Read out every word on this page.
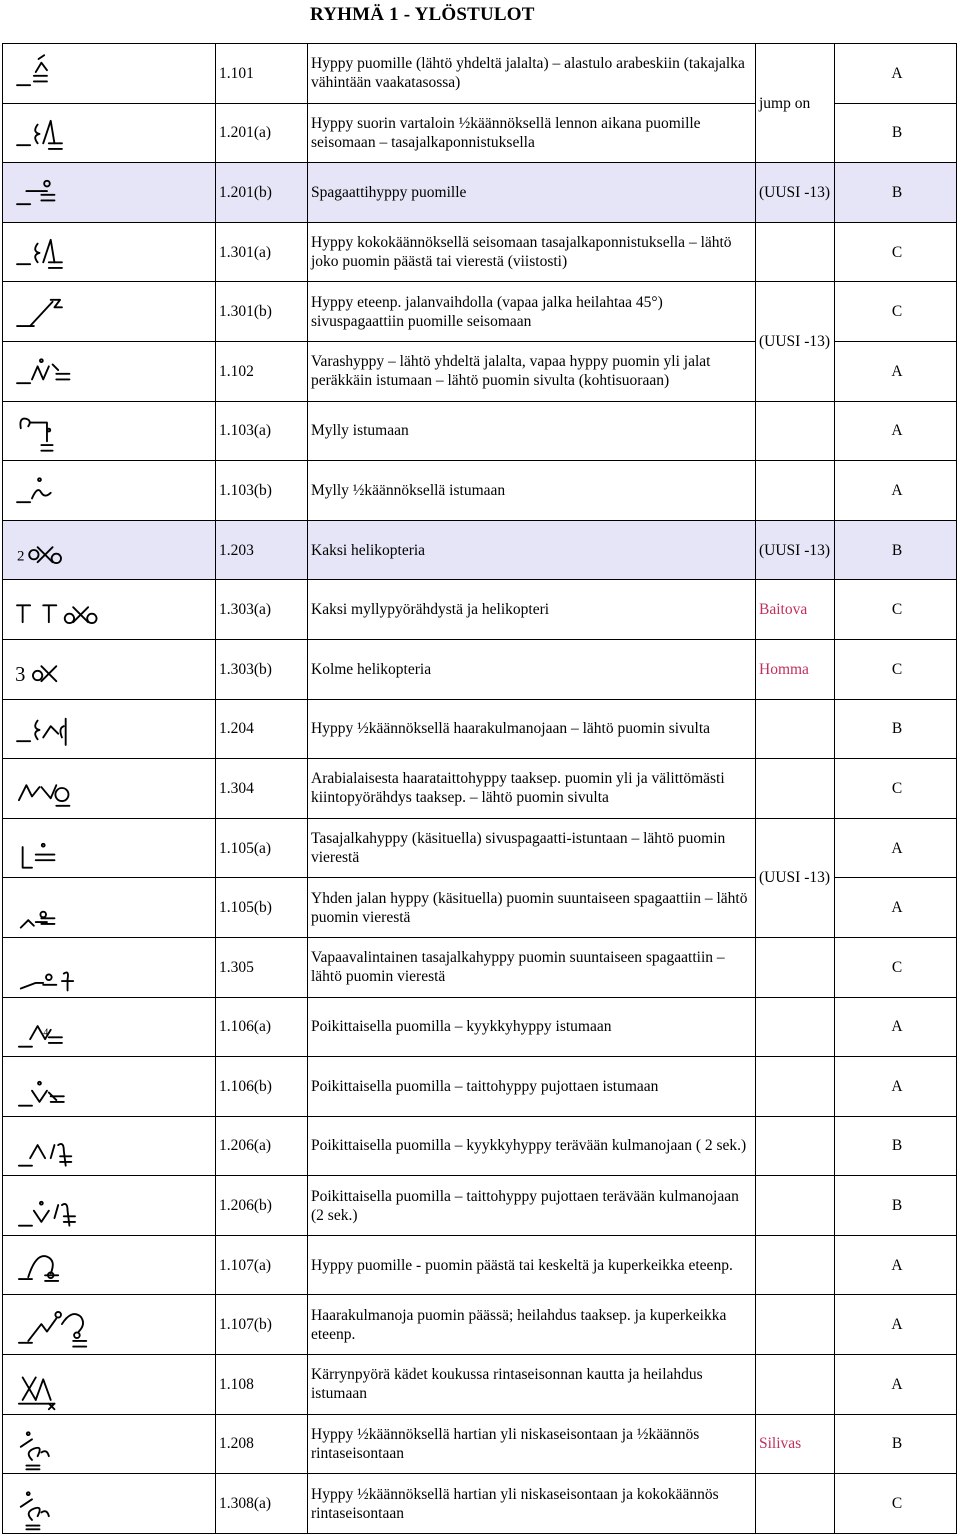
RYHMÄ 1 - YLÖSTULOT
	1.101	Hyppy puomille (lähtö yhdeltä jalalta) – alastulo arabeskiin (takajalka vähintään vaakatasossa)	jump on	A

	1.201(a)	Hyppy suorin vartaloin ½käännöksellä lennon aikana puomille seisomaan – tasajalkaponnistuksella		B

	1.201(b)	Spagaattihyppy puomille	(UUSI -13)	B

	1.301(a)	Hyppy kokokäännöksellä seisomaan tasajalkaponnistuksella – lähtö joko puomin päästä tai vierestä (viistosti)		C

	1.301(b)	Hyppy eteenp. jalanvaihdolla (vapaa jalka heilahtaa 45°) sivuspagaattiin puomille seisomaan	(UUSI -13)	C

	1.102	Varashyppy – lähtö yhdeltä jalalta, vapaa hyppy puomin yli jalat peräkkäin istumaan – lähtö puomin sivulta (kohtisuoraan)		A

	1.103(a)	Mylly istumaan		A

	1.103(b)	Mylly ½käännöksellä istumaan		A

2	1.203	Kaksi helikopteria	(UUSI -13)	B

	1.303(a)	Kaksi myllypyörähdystä ja helikopteri	Baitova	C

3	1.303(b)	Kolme helikopteria	Homma	C

	1.204	Hyppy ½käännöksellä haarakulmanojaan – lähtö puomin sivulta		B

	1.304	Arabialaisesta haarataittohyppy taaksep. puomin yli ja välittömästi kiintopyörähdys taaksep. – lähtö puomin sivulta		C

	1.105(a)	Tasajalkahyppy (käsituella) sivuspagaatti-istuntaan – lähtö puomin vierestä	(UUSI -13)	A

	1.105(b)	Yhden jalan hyppy (käsituella) puomin suuntaiseen spagaattiin – lähtö puomin vierestä		A

	1.305	Vapaavalintainen tasajalkahyppy puomin suuntaiseen spagaattiin – lähtö puomin vierestä		C

4	1.106(a)	Poikittaisella puomilla – kyykkyhyppy istumaan		A

	1.106(b)	Poikittaisella puomilla – taittohyppy pujottaen istumaan		A

	1.206(a)	Poikittaisella puomilla – kyykkyhyppy terävään kulmanojaan ( 2 sek.)		B

	1.206(b)	Poikittaisella puomilla – taittohyppy pujottaen terävään kulmanojaan (2 sek.)		B

	1.107(a)	Hyppy puomille - puomin päästä tai keskeltä ja kuperkeikka eteenp.		A

	1.107(b)	Haarakulmanoja puomin päässä; heilahdus taaksep. ja kuperkeikka eteenp.		A

	1.108	Kärrynpyörä kädet koukussa rintaseisonnan kautta ja heilahdus istumaan		A

	1.208	Hyppy ½käännöksellä hartian yli niskaseisontaan ja ½käännös rintaseisontaan	Silivas	B

	1.308(a)	Hyppy ½käännöksellä hartian yli niskaseisontaan ja kokokäännös rintaseisontaan		C
